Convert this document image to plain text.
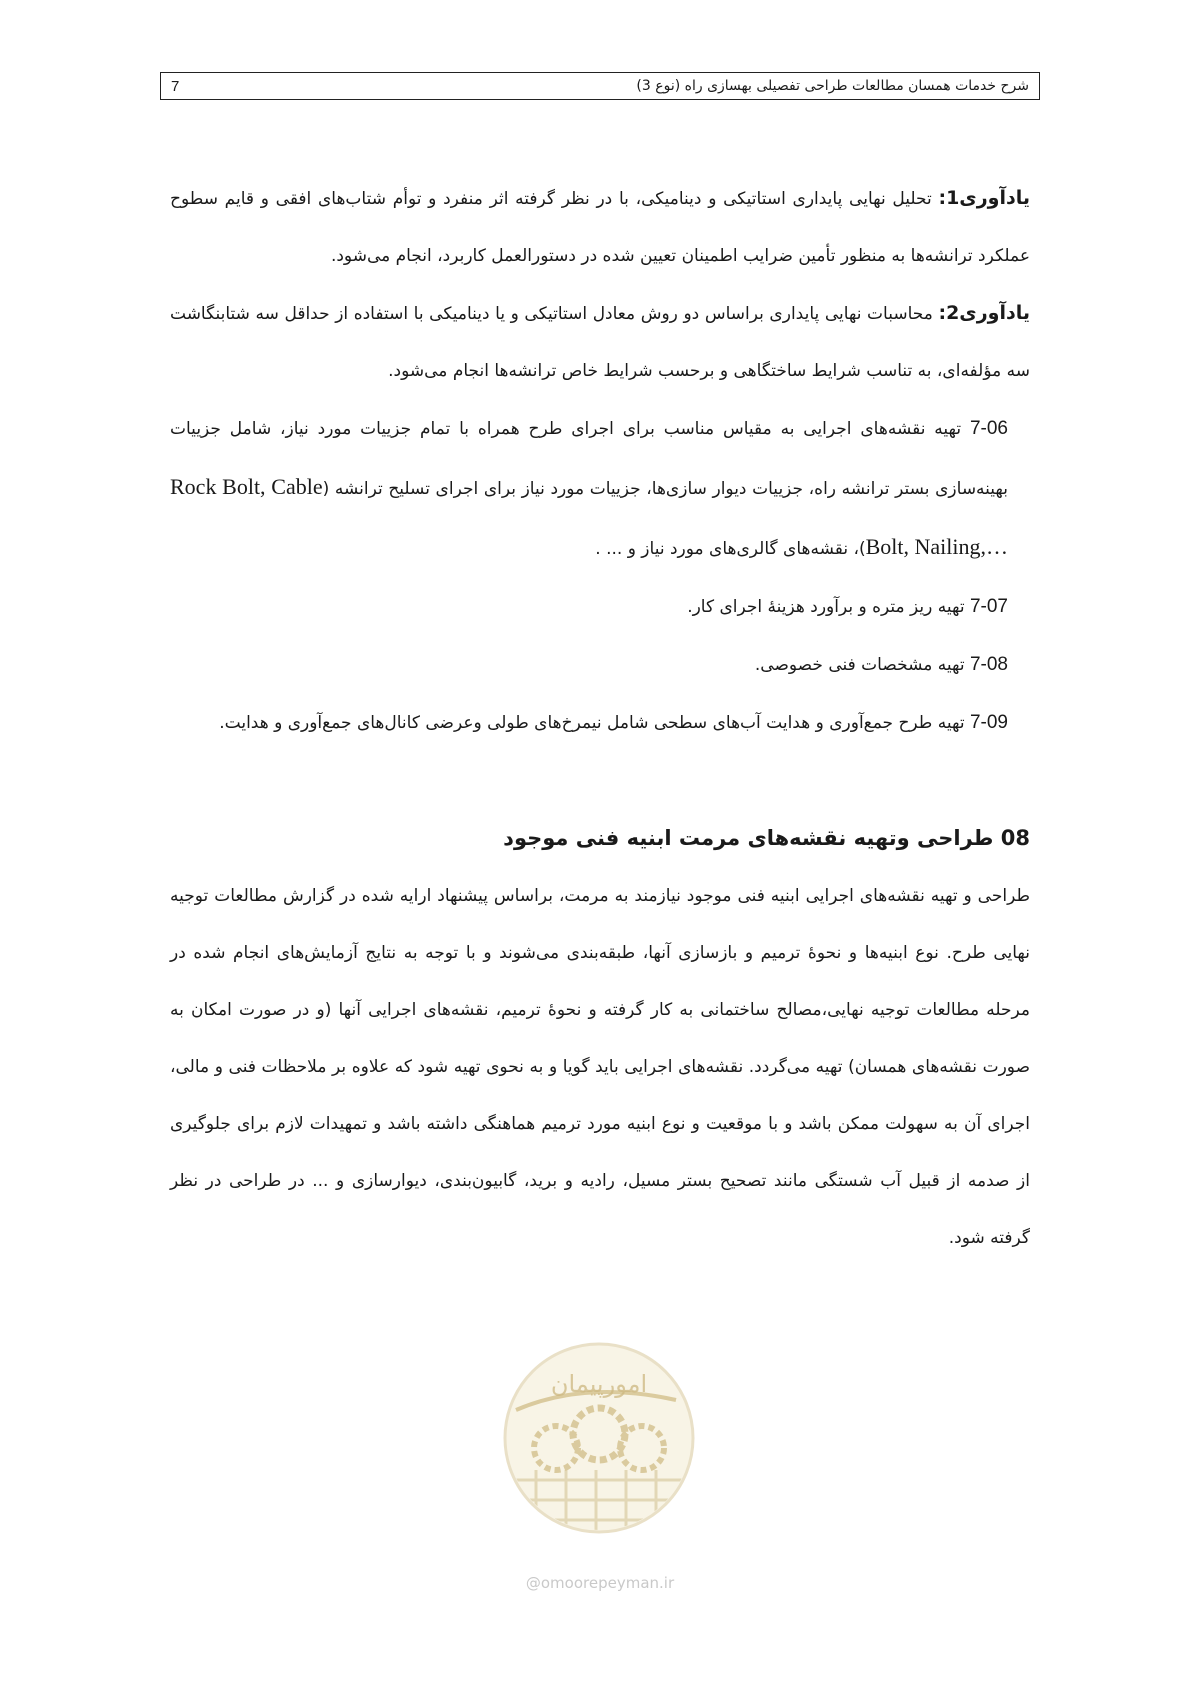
7	شرح خدمات همسان مطالعات طراحی تفصیلی بهسازی راه (نوع 3)

یادآوری1: تحلیل نهایی پایداری استاتیکی و دینامیکی، با در نظر گرفته اثر منفرد و توأم شتاب‌های افقی و قایم سطوح عملکرد ترانشه‌ها به منظور تأمین ضرایب اطمینان تعیین شده در دستورالعمل کاربرد، انجام می‌شود.

یادآوری2: محاسبات نهایی پایداری براساس دو روش معادل استاتیکی و یا دینامیکی با استفاده از حداقل سه شتابنگاشت سه مؤلفه‌ای، به تناسب شرایط ساختگاهی و برحسب شرایط خاص ترانشه‌ها انجام می‌شود.

7-06 تهیه نقشه‌های اجرایی به مقیاس مناسب برای اجرای طرح همراه با تمام جزییات مورد نیاز، شامل جزییات بهینه‌سازی بستر ترانشه راه، جزییات دیوار سازی‌ها، جزییات مورد نیاز برای اجرای تسلیح ترانشه (Rock Bolt, Cable Bolt, Nailing,…)، نقشه‌های گالری‌های مورد نیاز و ... .

7-07 تهیه ریز متره و برآورد هزینهٔ اجرای کار.

7-08 تهیه مشخصات فنی خصوصی.

7-09 تهیه طرح جمع‌آوری و هدایت آب‌های سطحی شامل نیمرخ‌های طولی وعرضی کانال‌های جمع‌آوری و هدایت.

08 طراحی وتهیه نقشه‌های مرمت ابنیه فنی موجود

طراحی و تهیه نقشه‌های اجرایی ابنیه فنی موجود نیازمند به مرمت، براساس پیشنهاد ارایه شده در گزارش مطالعات توجیه نهایی طرح. نوع ابنیه‌ها و نحوهٔ ترمیم و بازسازی آنها، طبقه‌بندی می‌شوند و با توجه به نتایج آزمایش‌های انجام شده در مرحله مطالعات توجیه نهایی،مصالح ساختمانی به کار گرفته و نحوهٔ ترمیم، نقشه‌های اجرایی آنها (و در صورت امکان به صورت نقشه‌های همسان) تهیه می‌گردد. نقشه‌های اجرایی باید گویا و به نحوی تهیه شود که علاوه بر ملاحظات فنی و مالی، اجرای آن به سهولت ممکن باشد و با موقعیت و نوع ابنیه مورد ترمیم هماهنگی داشته باشد و تمهیدات لازم برای جلوگیری از صدمه از قبیل آب شستگی مانند تصحیح بستر مسیل، رادیه و برید، گابیون‌بندی، دیوارسازی و ... در طراحی در نظر گرفته شود.

امورپیمان
@omoorepeyman.ir
